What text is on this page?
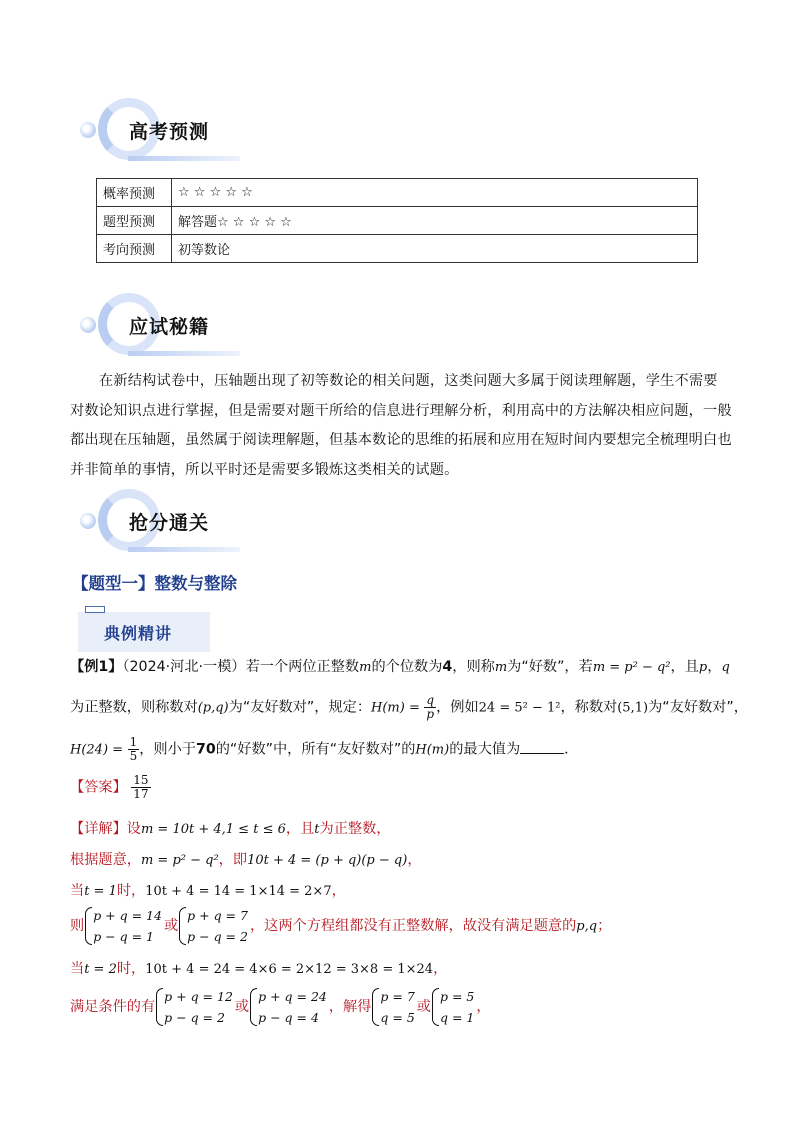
高考预测
概率预测	☆ ☆ ☆ ☆ ☆
题型预测	解答题☆ ☆ ☆ ☆ ☆
考向预测	初等数论
应试秘籍
在新结构试卷中，压轴题出现了初等数论的相关问题，这类问题大多属于阅读理解题，学生不需要对数论知识点进行掌握，但是需要对题干所给的信息进行理解分析，利用高中的方法解决相应问题，一般都出现在压轴题，虽然属于阅读理解题，但基本数论的思维的拓展和应用在短时间内要想完全梳理明白也并非简单的事情，所以平时还是需要多锻炼这类相关的试题。
抢分通关
【题型一】整数与整除
典例精讲
【例1】（2024·河北·一模）若一个两位正整数m的个位数为4，则称m为“好数”，若m = p² − q²，且p，q
为正整数，则称数对(p,q)为“友好数对”，规定：$H(m) = \frac{q}{p}$ ，例如24 = 5² − 1²，称数对(5,1)为“友好数对”，
$H(24) = \frac{1}{5}$ ，则小于70的“好数”中，所有“友好数对”的H(m)的最大值为	．
【答案】 $\frac{15}{17}$
【详解】设m = 10t + 4,1 ≤ t ≤ 6，且t为正整数，
根据题意，m = p² − q²，即10t + 4 = (p + q)(p − q)，
当t = 1时，10t + 4 = 14 = 1×14 = 2×7，
则
p + q = 14
p − q = 1
或
p + q = 7
p − q = 2
，这两个方程组都没有正整数解，故没有满足题意的p,q；
当t = 2时，10t + 4 = 24 = 4×6 = 2×12 = 3×8 = 1×24，
满足条件的有
p + q = 12
p − q = 2
或
p + q = 24
p − q = 4
，解得
p = 7
q = 5
或
p = 5
q = 1
，
